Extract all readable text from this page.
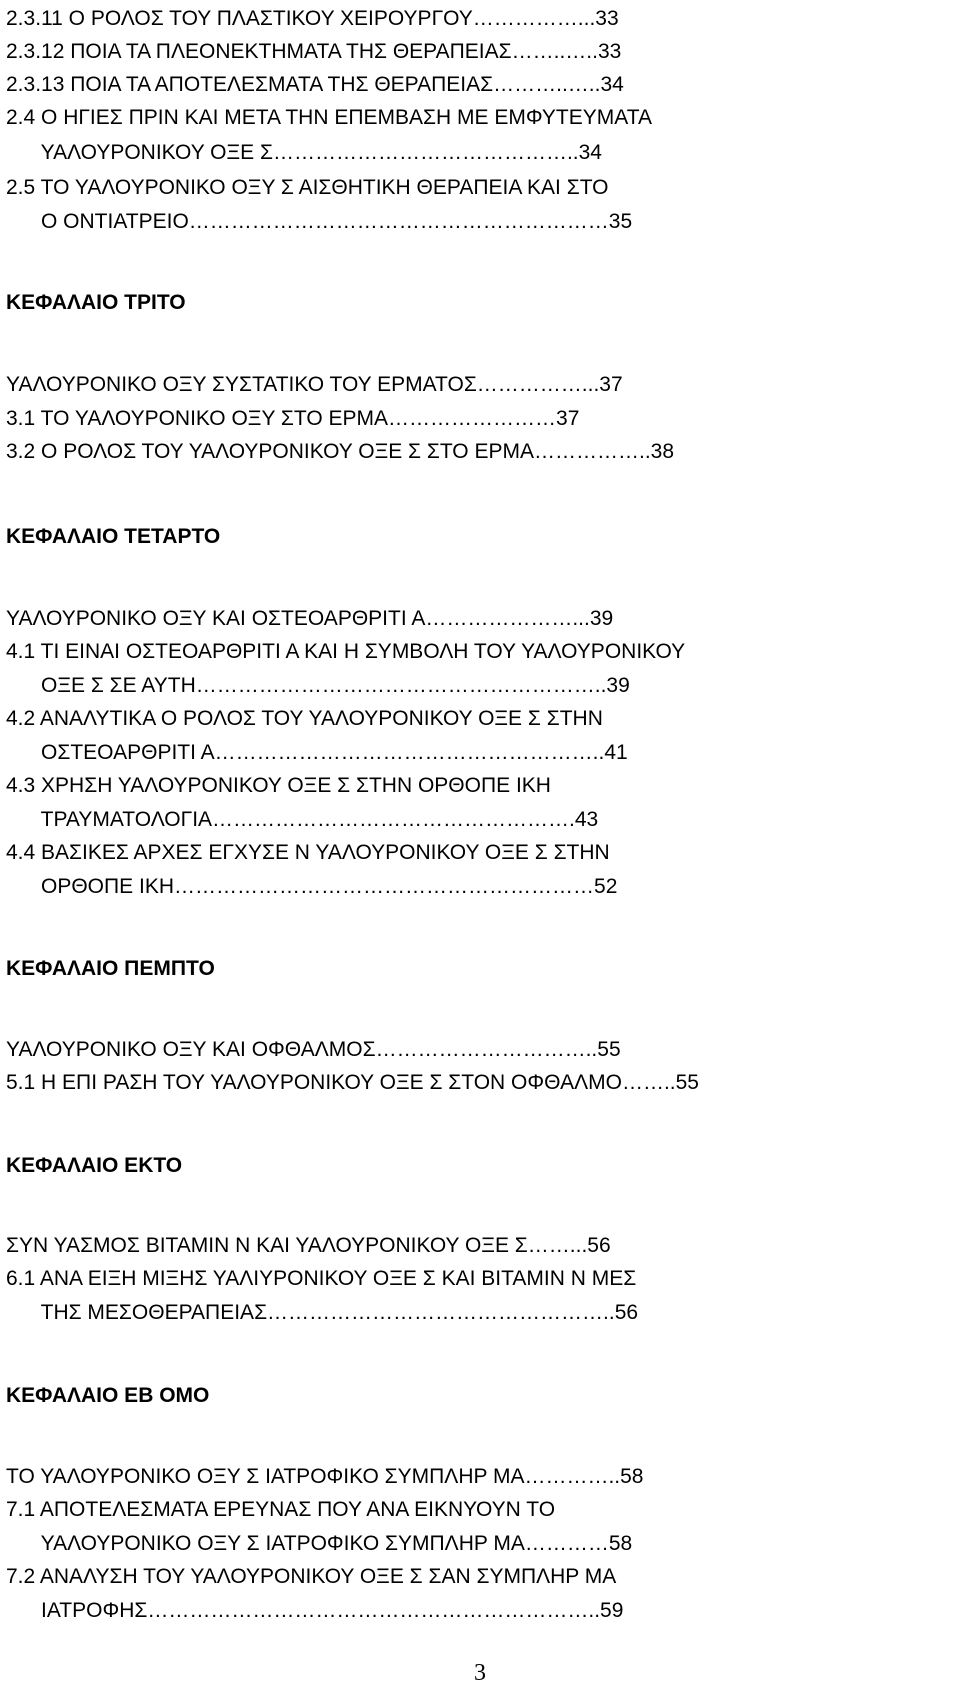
2.3.11 Ο ΡΟΛΟΣ ΤΟΥ ΠΛΑΣΤΙΚΟΥ ΧΕΙΡΟΥΡΓΟΥ……………...33
2.3.12 ΠΟΙΑ ΤΑ ΠΛΕΟΝΕΚΤΗΜΑΤΑ ΤΗΣ ΘΕΡΑΠΕΙΑΣ……..…..33
2.3.13 ΠΟΙΑ ΤΑ ΑΠΟΤΕΛΕΣΜΑΤΑ ΤΗΣ ΘΕΡΑΠΕΙΑΣ………..…..34
2.4 Ο ΗΓΙΕΣ ΠΡΙΝ ΚΑΙ ΜΕΤΑ ΤΗΝ ΕΠΕΜΒΑΣΗ ΜΕ ΕΜΦΥΤΕΥΜΑΤΑ
ΥΑΛΟΥΡΟΝΙΚΟΥ ΟΞΕ Σ……………………………………..34
2.5 ΤΟ ΥΑΛΟΥΡΟΝΙΚΟ ΟΞΥ Σ ΑΙΣΘΗΤΙΚΗ ΘΕΡΑΠΕΙΑ ΚΑΙ ΣΤΟ
Ο ΟΝΤΙΑΤΡΕΙΟ……………………………………………………35
ΚΕΦΑΛΑΙΟ ΤΡΙΤΟ
ΥΑΛΟΥΡΟΝΙΚΟ ΟΞΥ ΣΥΣΤΑΤΙΚΟ ΤΟΥ ΕΡΜΑΤΟΣ……………...37
3.1 ΤΟ ΥΑΛΟΥΡΟΝΙΚΟ ΟΞΥ ΣΤΟ ΕΡΜΑ……………………37
3.2 Ο ΡΟΛΟΣ ΤΟΥ ΥΑΛΟΥΡΟΝΙΚΟΥ ΟΞΕ Σ ΣΤΟ ΕΡΜΑ……………..38
ΚΕΦΑΛΑΙΟ ΤΕΤΑΡΤΟ
ΥΑΛΟΥΡΟΝΙΚΟ ΟΞΥ ΚΑΙ ΟΣΤΕΟΑΡΘΡΙΤΙ Α…………………...39
4.1 ΤΙ ΕΙΝΑΙ ΟΣΤΕΟΑΡΘΡΙΤΙ Α ΚΑΙ Η ΣΥΜΒΟΛΗ ΤΟΥ ΥΑΛΟΥΡΟΝΙΚΟΥ
ΟΞΕ Σ ΣΕ ΑΥΤΗ…………………………………………………..39
4.2 ΑΝΑΛΥΤΙΚΑ Ο ΡΟΛΟΣ ΤΟΥ ΥΑΛΟΥΡΟΝΙΚΟΥ ΟΞΕ Σ ΣΤΗΝ
ΟΣΤΕΟΑΡΘΡΙΤΙ Α………………………………………………..41
4.3 ΧΡΗΣΗ ΥΑΛΟΥΡΟΝΙΚΟΥ ΟΞΕ Σ ΣΤΗΝ ΟΡΘΟΠΕ ΙΚΗ
ΤΡΑΥΜΑΤΟΛΟΓΙΑ…………………………………………….43
4.4 ΒΑΣΙΚΕΣ ΑΡΧΕΣ ΕΓΧΥΣΕ Ν ΥΑΛΟΥΡΟΝΙΚΟΥ ΟΞΕ Σ ΣΤΗΝ
ΟΡΘΟΠΕ ΙΚΗ……………………………………………………52
ΚΕΦΑΛΑΙΟ ΠΕΜΠΤΟ
ΥΑΛΟΥΡΟΝΙΚΟ ΟΞΥ ΚΑΙ ΟΦΘΑΛΜΟΣ…………………………..55
5.1 Η ΕΠΙ ΡΑΣΗ ΤΟΥ ΥΑΛΟΥΡΟΝΙΚΟΥ ΟΞΕ Σ ΣΤΟΝ ΟΦΘΑΛΜΟ……..55
ΚΕΦΑΛΑΙΟ ΕΚΤΟ
ΣΥΝ ΥΑΣΜΟΣ ΒΙΤΑΜΙΝ Ν ΚΑΙ ΥΑΛΟΥΡΟΝΙΚΟΥ ΟΞΕ Σ……...56
6.1 ΑΝΑ ΕΙΞΗ ΜΙΞΗΣ ΥΑΛΙΥΡΟΝΙΚΟΥ ΟΞΕ Σ ΚΑΙ ΒΙΤΑΜΙΝ Ν ΜΕΣ
ΤΗΣ ΜΕΣΟΘΕΡΑΠΕΙΑΣ…………………………………………..56
ΚΕΦΑΛΑΙΟ ΕΒ ΟΜΟ
ΤΟ ΥΑΛΟΥΡΟΝΙΚΟ ΟΞΥ Σ ΙΑΤΡΟΦΙΚΟ ΣΥΜΠΛΗΡ ΜΑ…………..58
7.1 ΑΠΟΤΕΛΕΣΜΑΤΑ ΕΡΕΥΝΑΣ ΠΟΥ ΑΝΑ ΕΙΚΝΥΟΥΝ ΤΟ
ΥΑΛΟΥΡΟΝΙΚΟ ΟΞΥ Σ ΙΑΤΡΟΦΙΚΟ ΣΥΜΠΛΗΡ ΜΑ…………58
7.2 ΑΝΑΛΥΣΗ ΤΟΥ ΥΑΛΟΥΡΟΝΙΚΟΥ ΟΞΕ Σ ΣΑΝ ΣΥΜΠΛΗΡ ΜΑ
ΙΑΤΡΟΦΗΣ………………………………………………………..59
3
